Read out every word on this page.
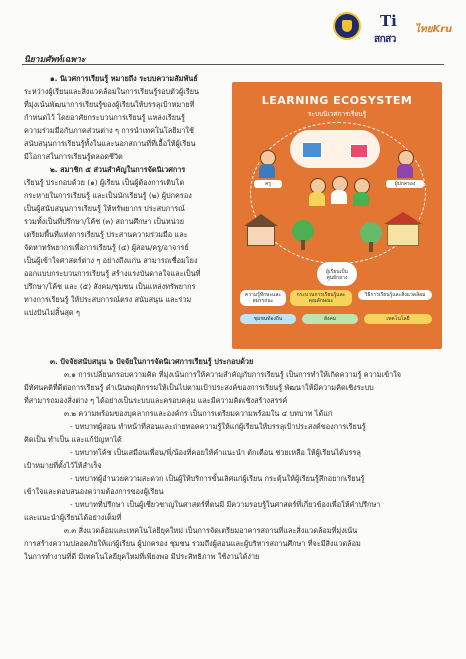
Ti
สกสว
ไทยKru
นิยามศัพท์เฉพาะ
๑. นิเวศการเรียนรู้ หมายถึง ระบบความสัมพันธ์
ระหว่างผู้เรียนและสิ่งแวดล้อมในการเรียนรู้รอบตัวผู้เรียน
ที่มุ่งเน้นพัฒนาการเรียนรู้ของผู้เรียนให้บรรลุเป้าหมายที่
กำหนดไว้ โดยอาศัยกระบวนการเรียนรู้ แหล่งเรียนรู้
ความร่วมมือกับภาคส่วนต่าง ๆ การนำเทคโนโลยีมาใช้
สนับสนุนการเรียนรู้ทั้งในและนอกสถานที่ที่เอื้อให้ผู้เรียน
มีโอกาสในการเรียนรู้ตลอดชีวิต
๒. สมาชิก ๕ ส่วนสำคัญในการจัดนิเวศการ
เรียนรู้ ประกอบด้วย (๑) ผู้เรียน เป็นผู้ต้องการเติบโต
กระหายในการเรียนรู้ และเป็นนักเรียนรู้ (๒) ผู้ปกครอง
เป็นผู้สนับสนุนการเรียนรู้ ให้ทรัพยากร ประสบการณ์
รวมทั้งเป็นที่ปรึกษา/โค้ช (๓) สถานศึกษา เป็นหน่วย
เตรียมพื้นที่แห่งการเรียนรู้ ประสานความร่วมมือ และ
จัดหาทรัพยากรเพื่อการเรียนรู้ (๔) ผู้สอน/ครู/อาจารย์
เป็นผู้เข้าใจศาสตร์ต่าง ๆ อย่างถึงแก่น สามารถเชื่อมโยง
ออกแบบกระบวนการเรียนรู้ สร้างแรงบันดาลใจและเป็นที่
ปรึกษา/โค้ช และ (๕) สังคม/ชุมชน เป็นแหล่งทรัพยากร
ทางการเรียนรู้ ให้ประสบการณ์ตรง สนับสนุน และร่วม
แบ่งปันไม่สิ้นสุด ๆ
LEARNING ECOSYSTEM
ระบบนิเวศการเรียนรู้
ครู	ผู้ปกครอง
ผู้เรียนเป็นศูนย์กลาง
ความรู้ทักษะและสมรรถนะ
กระบวนการเรียนรู้และคุณลักษณะ
วิธีการเรียนรู้และสิ่งแวดล้อม
ชุมชนท้องถิ่น	สังคม	เทคโนโลยี
๓. ปัจจัยสนับสนุน ๖ ปัจจัยในการจัดนิเวศการเรียนรู้ ประกอบด้วย
๓.๑ การเปลี่ยนกรอบความคิด ที่มุ่งเน้นการให้ความสำคัญกับการเรียนรู้ เป็นการทำให้เกิดความรู้ ความเข้าใจ
มีทัศนคติที่ดีต่อการเรียนรู้ ดำเนินพฤติกรรมให้เป็นไปตามเป้าประสงค์ของการเรียนรู้ พัฒนาให้มีความคิดเชิงระบบ
ที่สามารถมองสิ่งต่าง ๆ ได้อย่างเป็นระบบและครอบคลุม และมีความคิดเชิงสร้างสรรค์
๓.๒ ความพร้อมของบุคลากรและองค์กร เป็นการเตรียมความพร้อมใน ๔ บทบาท ได้แก่
- บทบาทผู้สอน ทำหน้าที่สอนและถ่ายทอดความรู้ให้แก่ผู้เรียนให้บรรลุเป้าประสงค์ของการเรียนรู้
คิดเป็น ทำเป็น และแก้ปัญหาได้
- บทบาทโค้ช เป็นเสมือนเพื่อน/พี่/น้องที่คอยให้คำแนะนำ ตักเตือน ช่วยเหลือ ให้ผู้เรียนได้บรรลุ
เป้าหมายที่ตั้งไว้ให้สำเร็จ
- บทบาทผู้อำนวยความสะดวก เป็นผู้ให้บริการขั้นเลิศแก่ผู้เรียน กระตุ้นให้ผู้เรียนรู้สึกอยากเรียนรู้
เข้าใจและตอบสนองความต้องการของผู้เรียน
- บทบาทที่ปรึกษา เป็นผู้เชี่ยวชาญในศาสตร์ที่ตนมี มีความรอบรู้ในศาสตร์ที่เกี่ยวข้องเพื่อให้คำปรึกษา
และแนะนำผู้เรียนได้อย่างเต็มที่
๓.๓ สิ่งแวดล้อมและเทคโนโลยียุคใหม่ เป็นการจัดเตรียมอาคารสถานที่และสิ่งแวดล้อมที่มุ่งเน้น
การสร้างความปลอดภัยให้แก่ผู้เรียน ผู้ปกครอง ชุมชน รวมถึงผู้สอนและผู้บริหารสถานศึกษา ที่จะมีสิ่งแวดล้อม
ในการทำงานที่ดี มีเทคโนโลยียุคใหม่ที่เพียงพอ มีประสิทธิภาพ ใช้งานได้ง่าย
